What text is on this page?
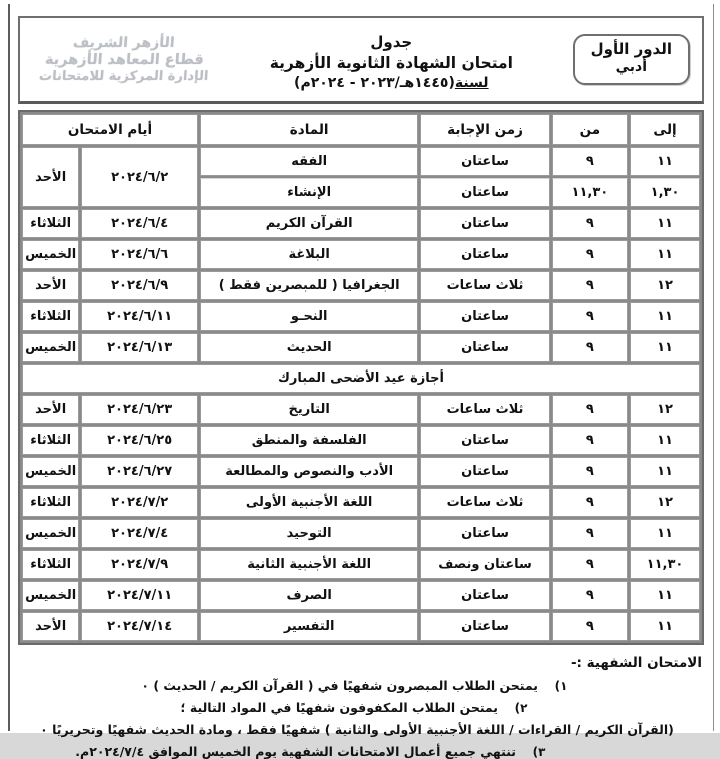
الدور الأول
أدبي
جدول
امتحان الشهادة الثانوية الأزهرية
لسنة(١٤٤٥هـ/٢٠٢٣ - ٢٠٢٤م)
الأزهر الشريف
قطاع المعاهد الأزهرية
الإدارة المركزية للامتحانات
إلى	من	زمن الإجابة	المادة	أيام الامتحان	
١١	٩	ساعتان	الفقه	٢٠٢٤/٦/٢	الأحد
١,٣٠	١١,٣٠	ساعتان	الإنشاء		
١١	٩	ساعتان	القرآن الكريم	٢٠٢٤/٦/٤	الثلاثاء
١١	٩	ساعتان	البلاغة	٢٠٢٤/٦/٦	الخميس
١٢	٩	ثلاث ساعات	الجغرافيا ( للمبصرين فقط )	٢٠٢٤/٦/٩	الأحد
١١	٩	ساعتان	النحـو	٢٠٢٤/٦/١١	الثلاثاء
١١	٩	ساعتان	الحديث	٢٠٢٤/٦/١٣	الخميس
أجازة عيد الأضحى المبارك					
١٢	٩	ثلاث ساعات	التاريخ	٢٠٢٤/٦/٢٣	الأحد
١١	٩	ساعتان	الفلسفة والمنطق	٢٠٢٤/٦/٢٥	الثلاثاء
١١	٩	ساعتان	الأدب والنصوص والمطالعة	٢٠٢٤/٦/٢٧	الخميس
١٢	٩	ثلاث ساعات	اللغة الأجنبية الأولى	٢٠٢٤/٧/٢	الثلاثاء
١١	٩	ساعتان	التوحيد	٢٠٢٤/٧/٤	الخميس
١١,٣٠	٩	ساعتان ونصف	اللغة الأجنبية الثانية	٢٠٢٤/٧/٩	الثلاثاء
١١	٩	ساعتان	الصرف	٢٠٢٤/٧/١١	الخميس
١١	٩	ساعتان	التفسير	٢٠٢٤/٧/١٤	الأحد
الامتحان الشفهية :-
١)
يمتحن الطلاب المبصرون شفهيًا في ( القرآن الكريم / الحديث ) ٠
٢)
يمتحن الطلاب المكفوفون شفهيًا في المواد التالية ؛
(القرآن الكريم / القراءات / اللغة الأجنبية الأولى والثانية ) شفهيًا فقط ، ومادة الحديث شفهيًا وتحريريًا ٠
٣)
تنتهي جميع أعمال الامتحانات الشفهية يوم الخميس الموافق ٢٠٢٤/٧/٤م.
